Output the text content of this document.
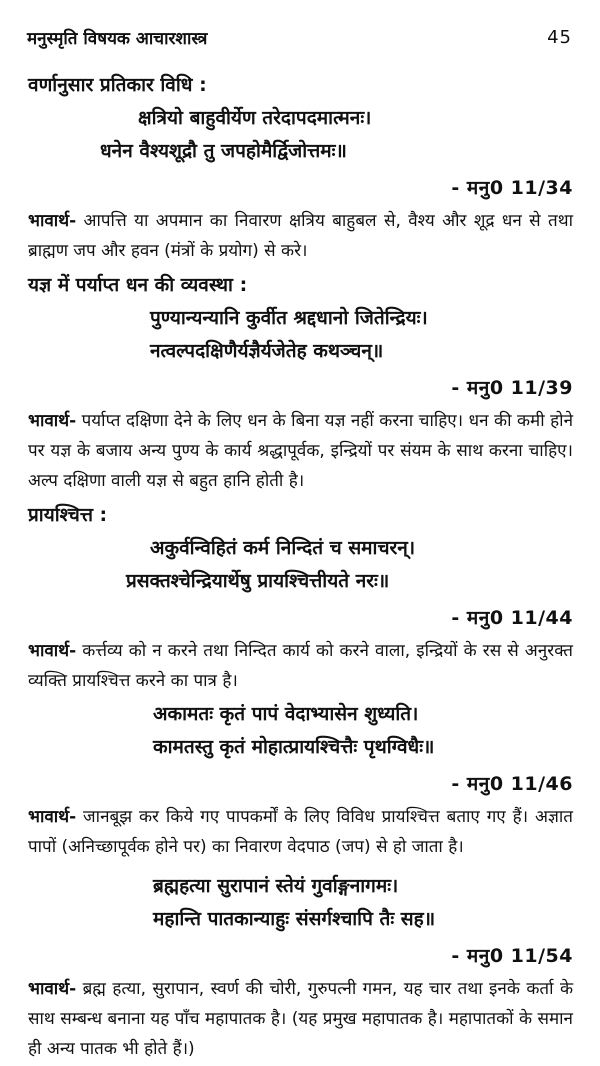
मनुस्मृति विषयक आचारशास्त्र	45
वर्णानुसार प्रतिकार विधि :
क्षत्रियो बाहुवीर्येण तरेदापदमात्मनः।
धनेन वैश्यशूद्रौ तु जपहोमैर्द्विजोत्तमः॥
- मनु0 11/34
भावार्थ- आपत्ति या अपमान का निवारण क्षत्रिय बाहुबल से, वैश्य और शूद्र धन से तथा ब्राह्मण जप और हवन (मंत्रों के प्रयोग) से करे।
यज्ञ में पर्याप्त धन की व्यवस्था :
पुण्यान्यन्यानि कुर्वीत श्रद्दधानो जितेन्द्रियः।
नत्वल्पदक्षिणैर्यज्ञैर्यजेतेह कथञ्चन्॥
- मनु0 11/39
भावार्थ- पर्याप्त दक्षिणा देने के लिए धन के बिना यज्ञ नहीं करना चाहिए। धन की कमी होने पर यज्ञ के बजाय अन्य पुण्य के कार्य श्रद्धापूर्वक, इन्द्रियों पर संयम के साथ करना चाहिए। अल्प दक्षिणा वाली यज्ञ से बहुत हानि होती है।
प्रायश्चित्त :
अकुर्वन्विहितं कर्म निन्दितं च समाचरन्।
प्रसक्तश्चेन्द्रियार्थेषु प्रायश्चित्तीयते नरः॥
- मनु0 11/44
भावार्थ- कर्त्तव्य को न करने तथा निन्दित कार्य को करने वाला, इन्द्रियों के रस से अनुरक्त व्यक्ति प्रायश्चित्त करने का पात्र है।
अकामतः कृतं पापं वेदाभ्यासेन शुध्यति।
कामतस्तु कृतं मोहात्प्रायश्चित्तैः पृथग्विधैः॥
- मनु0 11/46
भावार्थ- जानबूझ कर किये गए पापकर्मों के लिए विविध प्रायश्चित्त बताए गए हैं। अज्ञात पापों (अनिच्छापूर्वक होने पर) का निवारण वेदपाठ (जप) से हो जाता है।
ब्रह्महत्या सुरापानं स्तेयं गुर्वाङ्गनागमः।
महान्ति पातकान्याहुः संसर्गश्चापि तैः सह॥
- मनु0 11/54
भावार्थ- ब्रह्म हत्या, सुरापान, स्वर्ण की चोरी, गुरुपत्नी गमन, यह चार तथा इनके कर्ता के साथ सम्बन्ध बनाना यह पाँच महापातक है। (यह प्रमुख महापातक है। महापातकों के समान ही अन्य पातक भी होते हैं।)
